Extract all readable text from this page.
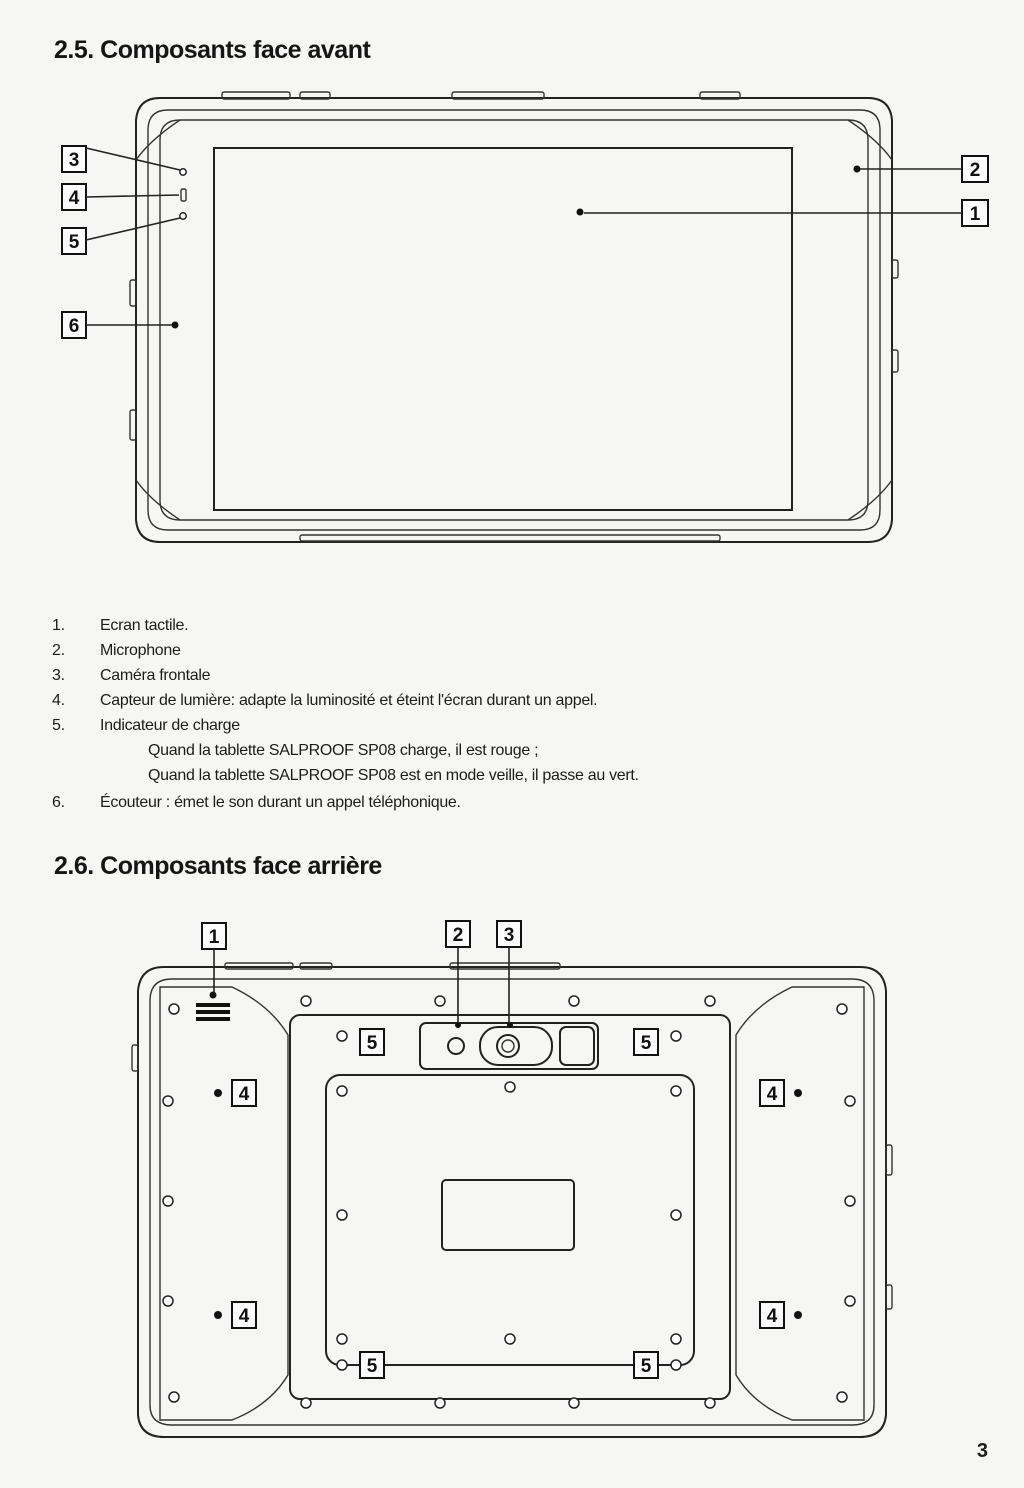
2.5. Composants face avant
3
4
5
6
2
1
1. Ecran tactile.
2. Microphone
3. Caméra frontale
4. Capteur de lumière: adapte la luminosité et éteint l'écran durant un appel.
5. Indicateur de charge
Quand la tablette SALPROOF SP08 charge, il est rouge ;
Quand la tablette SALPROOF SP08 est en mode veille, il passe au vert.
6. Écouteur : émet le son durant un appel téléphonique.
2.6. Composants face arrière
1	2 3
4	4
4	4
5	5
5	5
3
